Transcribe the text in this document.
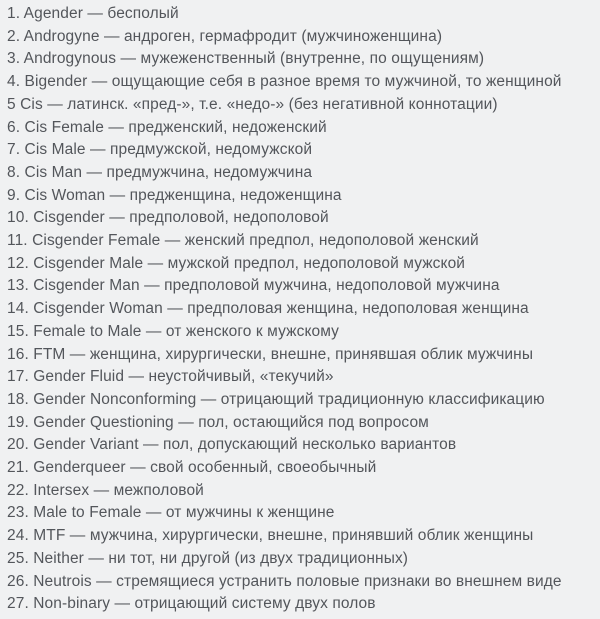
1. Agender — бесполый
2. Androgyne — андроген, гермафродит (мужчиноженщина)
3. Androgynous — мужеженственный (внутренне, по ощущениям)
4. Bigender — ощущающие себя в разное время то мужчиной, то женщиной
5 Cis — латинск. «пред-», т.е. «недо-» (без негативной коннотации)
6. Cis Female — предженский, недоженский
7. Cis Male — предмужской, недомужской
8. Cis Man — предмужчина, недомужчина
9. Cis Woman — предженщина, недоженщина
10. Cisgender — предполовой, недополовой
11. Cisgender Female — женский предпол, недополовой женский
12. Cisgender Male — мужской предпол, недополовой мужской
13. Cisgender Man — предполовой мужчина, недополовой мужчина
14. Cisgender Woman — предполовая женщина, недополовая женщина
15. Female to Male — от женского к мужскому
16. FTM — женщина, хирургически, внешне, принявшая облик мужчины
17. Gender Fluid — неустойчивый, «текучий»
18. Gender Nonconforming — отрицающий традиционную классификацию
19. Gender Questioning — пол, остающийся под вопросом
20. Gender Variant — пол, допускающий несколько вариантов
21. Genderqueer — свой особенный, своеобычный
22. Intersex — межполовой
23. Male to Female — от мужчины к женщине
24. MTF — мужчина, хирургически, внешне, принявший облик женщины
25. Neither — ни тот, ни другой (из двух традиционных)
26. Neutrois — стремящиеся устранить половые признаки во внешнем виде
27. Non-binary — отрицающий систему двух полов
